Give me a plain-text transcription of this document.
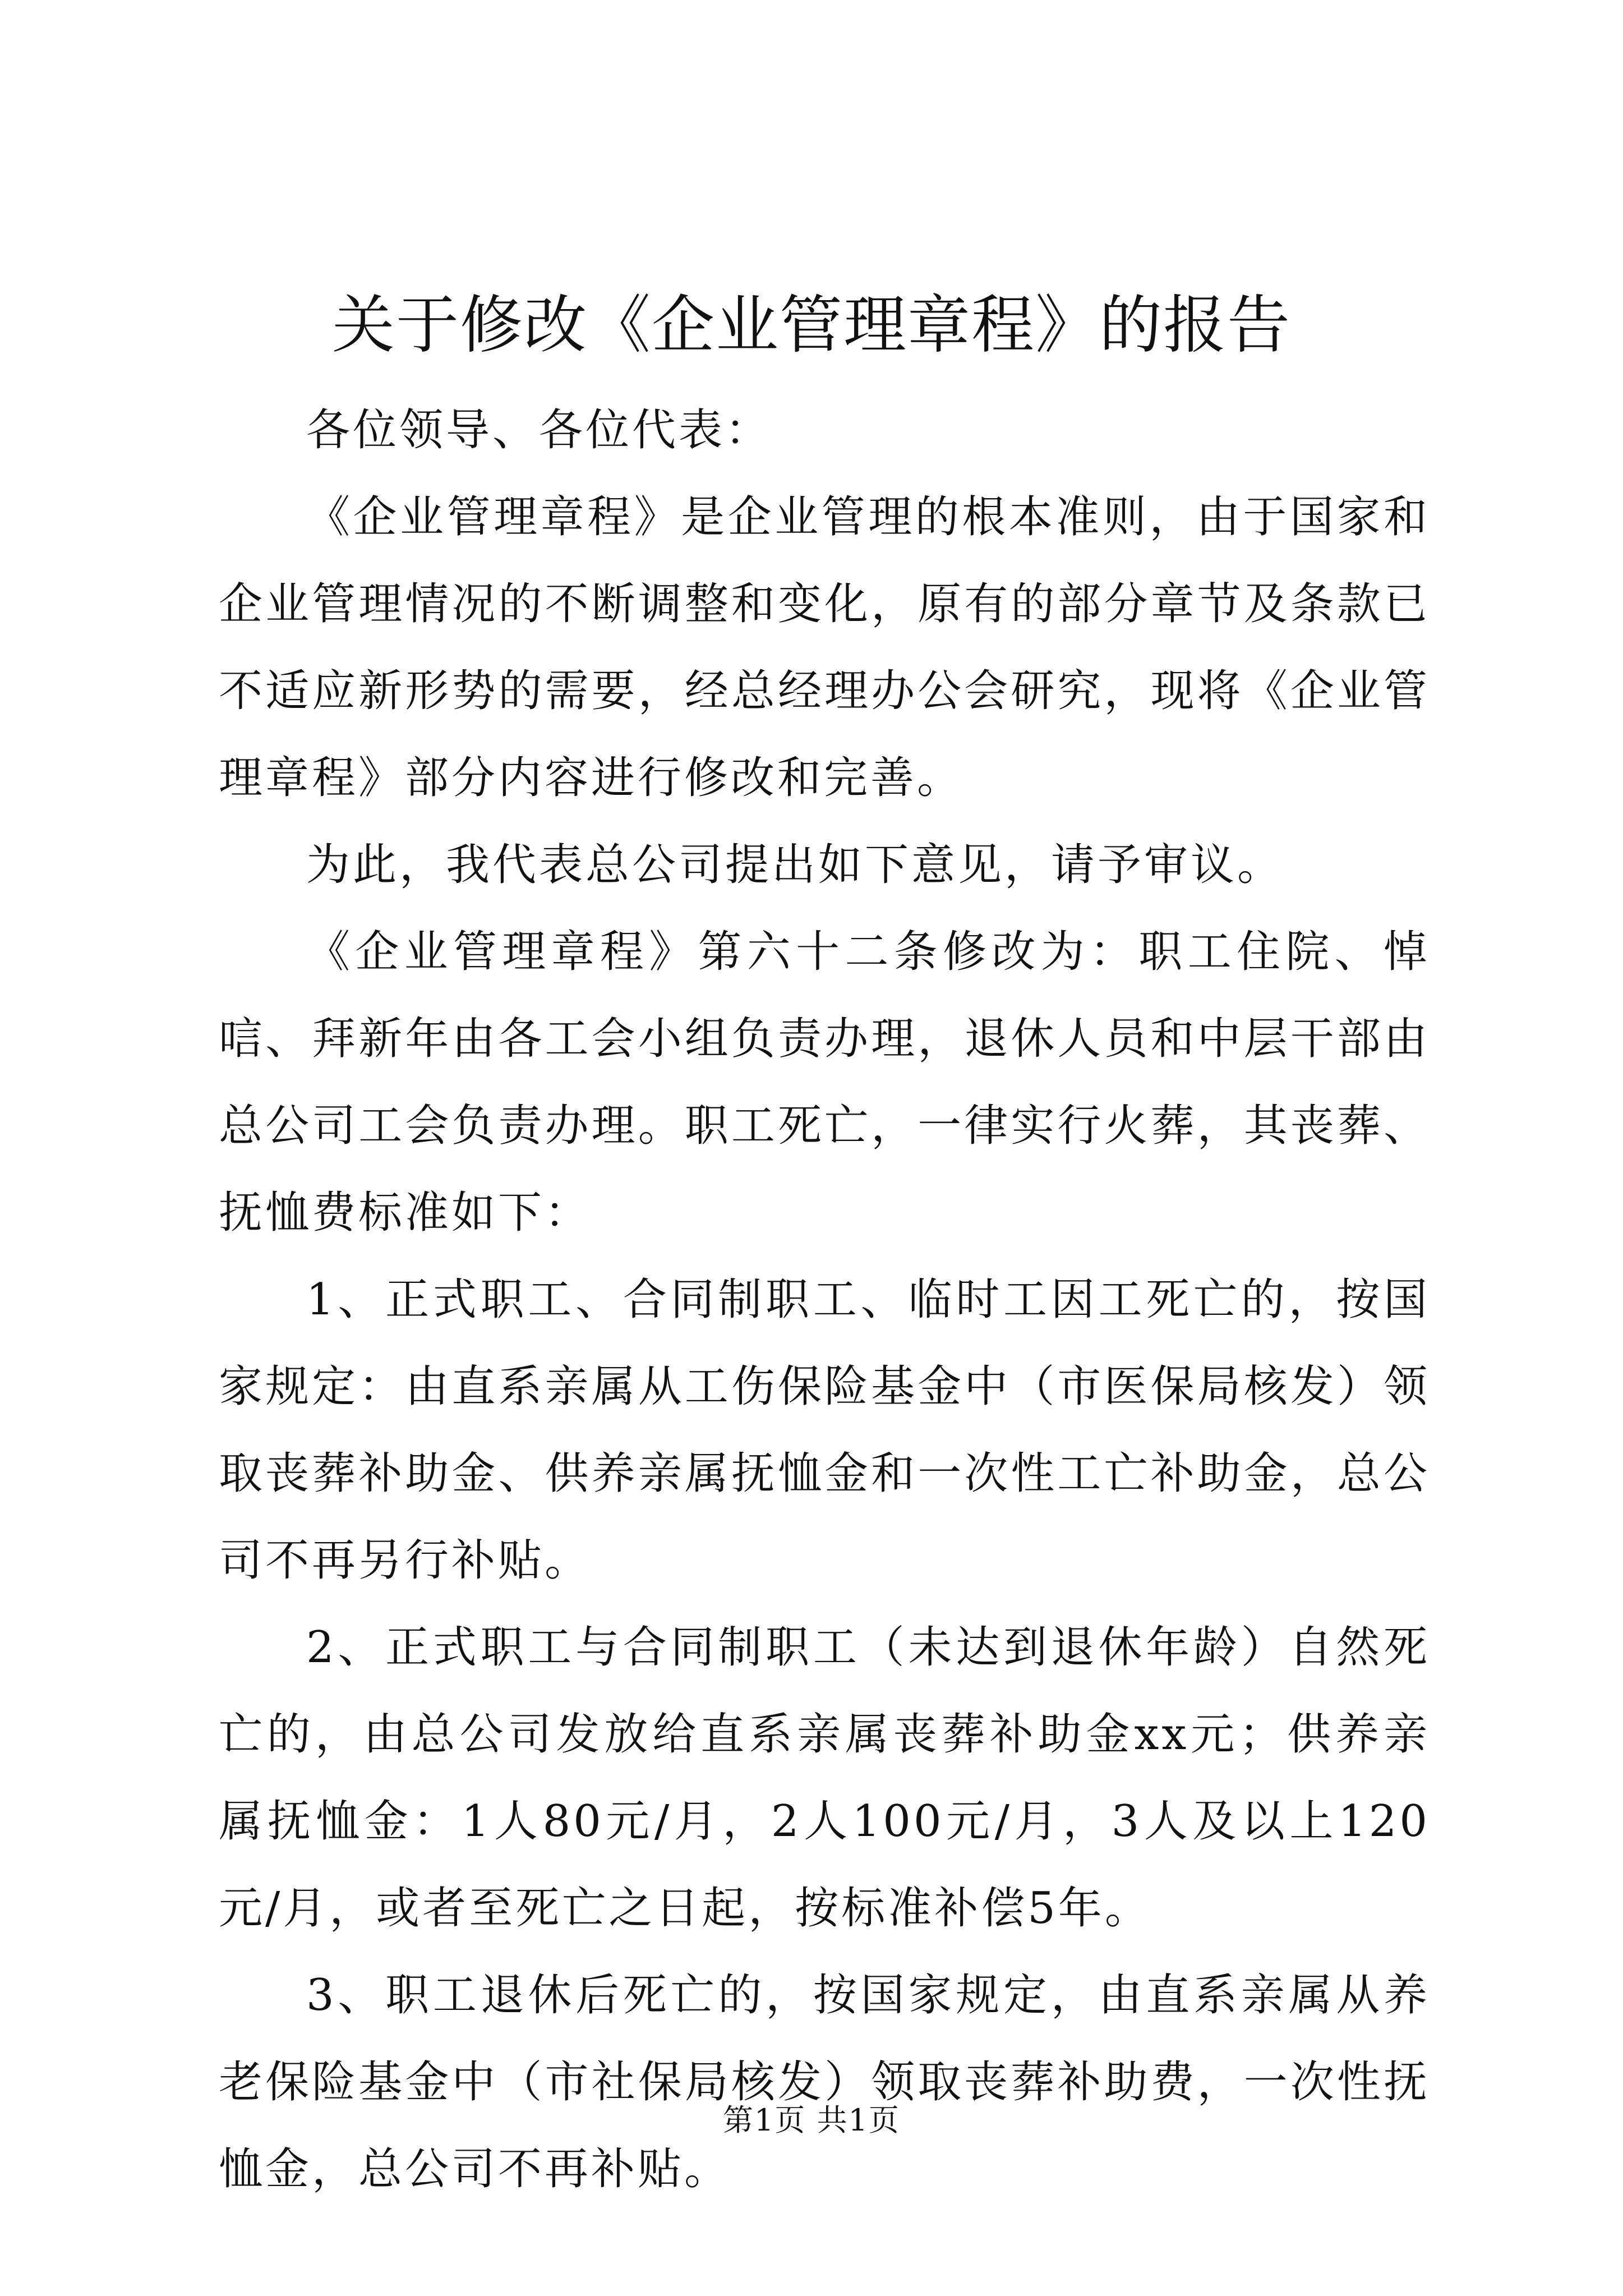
关于修改《企业管理章程》的报告

各位领导、各位代表：

《企业管理章程》是企业管理的根本准则，由于国家和企业管理情况的不断调整和变化，原有的部分章节及条款已不适应新形势的需要，经总经理办公会研究，现将《企业管理章程》部分内容进行修改和完善。

为此，我代表总公司提出如下意见，请予审议。

《企业管理章程》第六十二条修改为：职工住院、悼唁、拜新年由各工会小组负责办理，退休人员和中层干部由总公司工会负责办理。职工死亡，一律实行火葬，其丧葬、抚恤费标准如下：

1、正式职工、合同制职工、临时工因工死亡的，按国家规定：由直系亲属从工伤保险基金中（市医保局核发）领取丧葬补助金、供养亲属抚恤金和一次性工亡补助金，总公司不再另行补贴。

2、正式职工与合同制职工（未达到退休年龄）自然死亡的，由总公司发放给直系亲属丧葬补助金xx元；供养亲属抚恤金：1人80元/月，2人100元/月，3人及以上120元/月，或者至死亡之日起，按标准补偿5年。

3、职工退休后死亡的，按国家规定，由直系亲属从养老保险基金中（市社保局核发）领取丧葬补助费，一次性抚恤金，总公司不再补贴。

第1页 共1页
